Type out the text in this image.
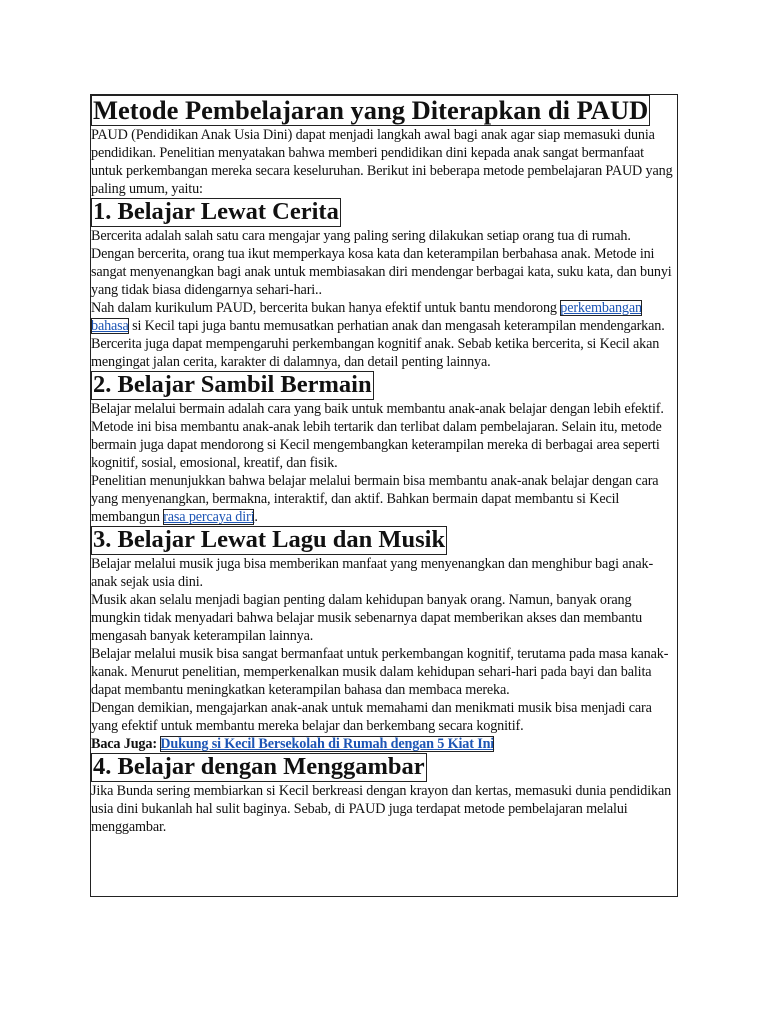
Metode Pembelajaran yang Diterapkan di PAUD

PAUD (Pendidikan Anak Usia Dini) dapat menjadi langkah awal bagi anak agar siap memasuki dunia pendidikan. Penelitian menyatakan bahwa memberi pendidikan dini kepada anak sangat bermanfaat untuk perkembangan mereka secara keseluruhan. Berikut ini beberapa metode pembelajaran PAUD yang paling umum, yaitu:

1. Belajar Lewat Cerita

Bercerita adalah salah satu cara mengajar yang paling sering dilakukan setiap orang tua di rumah.

Dengan bercerita, orang tua ikut memperkaya kosa kata dan keterampilan berbahasa anak. Metode ini sangat menyenangkan bagi anak untuk membiasakan diri mendengar berbagai kata, suku kata, dan bunyi yang tidak biasa didengarnya sehari-hari..

Nah dalam kurikulum PAUD, bercerita bukan hanya efektif untuk bantu mendorong perkembangan bahasa si Kecil tapi juga bantu memusatkan perhatian anak dan mengasah keterampilan mendengarkan.

Bercerita juga dapat mempengaruhi perkembangan kognitif anak. Sebab ketika bercerita, si Kecil akan mengingat jalan cerita, karakter di dalamnya, dan detail penting lainnya.

2. Belajar Sambil Bermain

Belajar melalui bermain adalah cara yang baik untuk membantu anak-anak belajar dengan lebih efektif.

Metode ini bisa membantu anak-anak lebih tertarik dan terlibat dalam pembelajaran. Selain itu, metode bermain juga dapat mendorong si Kecil mengembangkan keterampilan mereka di berbagai area seperti kognitif, sosial, emosional, kreatif, dan fisik.

Penelitian menunjukkan bahwa belajar melalui bermain bisa membantu anak-anak belajar dengan cara yang menyenangkan, bermakna, interaktif, dan aktif. Bahkan bermain dapat membantu si Kecil membangun rasa percaya diri.

3. Belajar Lewat Lagu dan Musik

Belajar melalui musik juga bisa memberikan manfaat yang menyenangkan dan menghibur bagi anak-anak sejak usia dini.

Musik akan selalu menjadi bagian penting dalam kehidupan banyak orang. Namun, banyak orang mungkin tidak menyadari bahwa belajar musik sebenarnya dapat memberikan akses dan membantu mengasah banyak keterampilan lainnya.

Belajar melalui musik bisa sangat bermanfaat untuk perkembangan kognitif, terutama pada masa kanak-kanak. Menurut penelitian, memperkenalkan musik dalam kehidupan sehari-hari pada bayi dan balita dapat membantu meningkatkan keterampilan bahasa dan membaca mereka.

Dengan demikian, mengajarkan anak-anak untuk memahami dan menikmati musik bisa menjadi cara yang efektif untuk membantu mereka belajar dan berkembang secara kognitif.

Baca Juga: Dukung si Kecil Bersekolah di Rumah dengan 5 Kiat Ini

4. Belajar dengan Menggambar

Jika Bunda sering membiarkan si Kecil berkreasi dengan krayon dan kertas, memasuki dunia pendidikan usia dini bukanlah hal sulit baginya. Sebab, di PAUD juga terdapat metode pembelajaran melalui menggambar.
